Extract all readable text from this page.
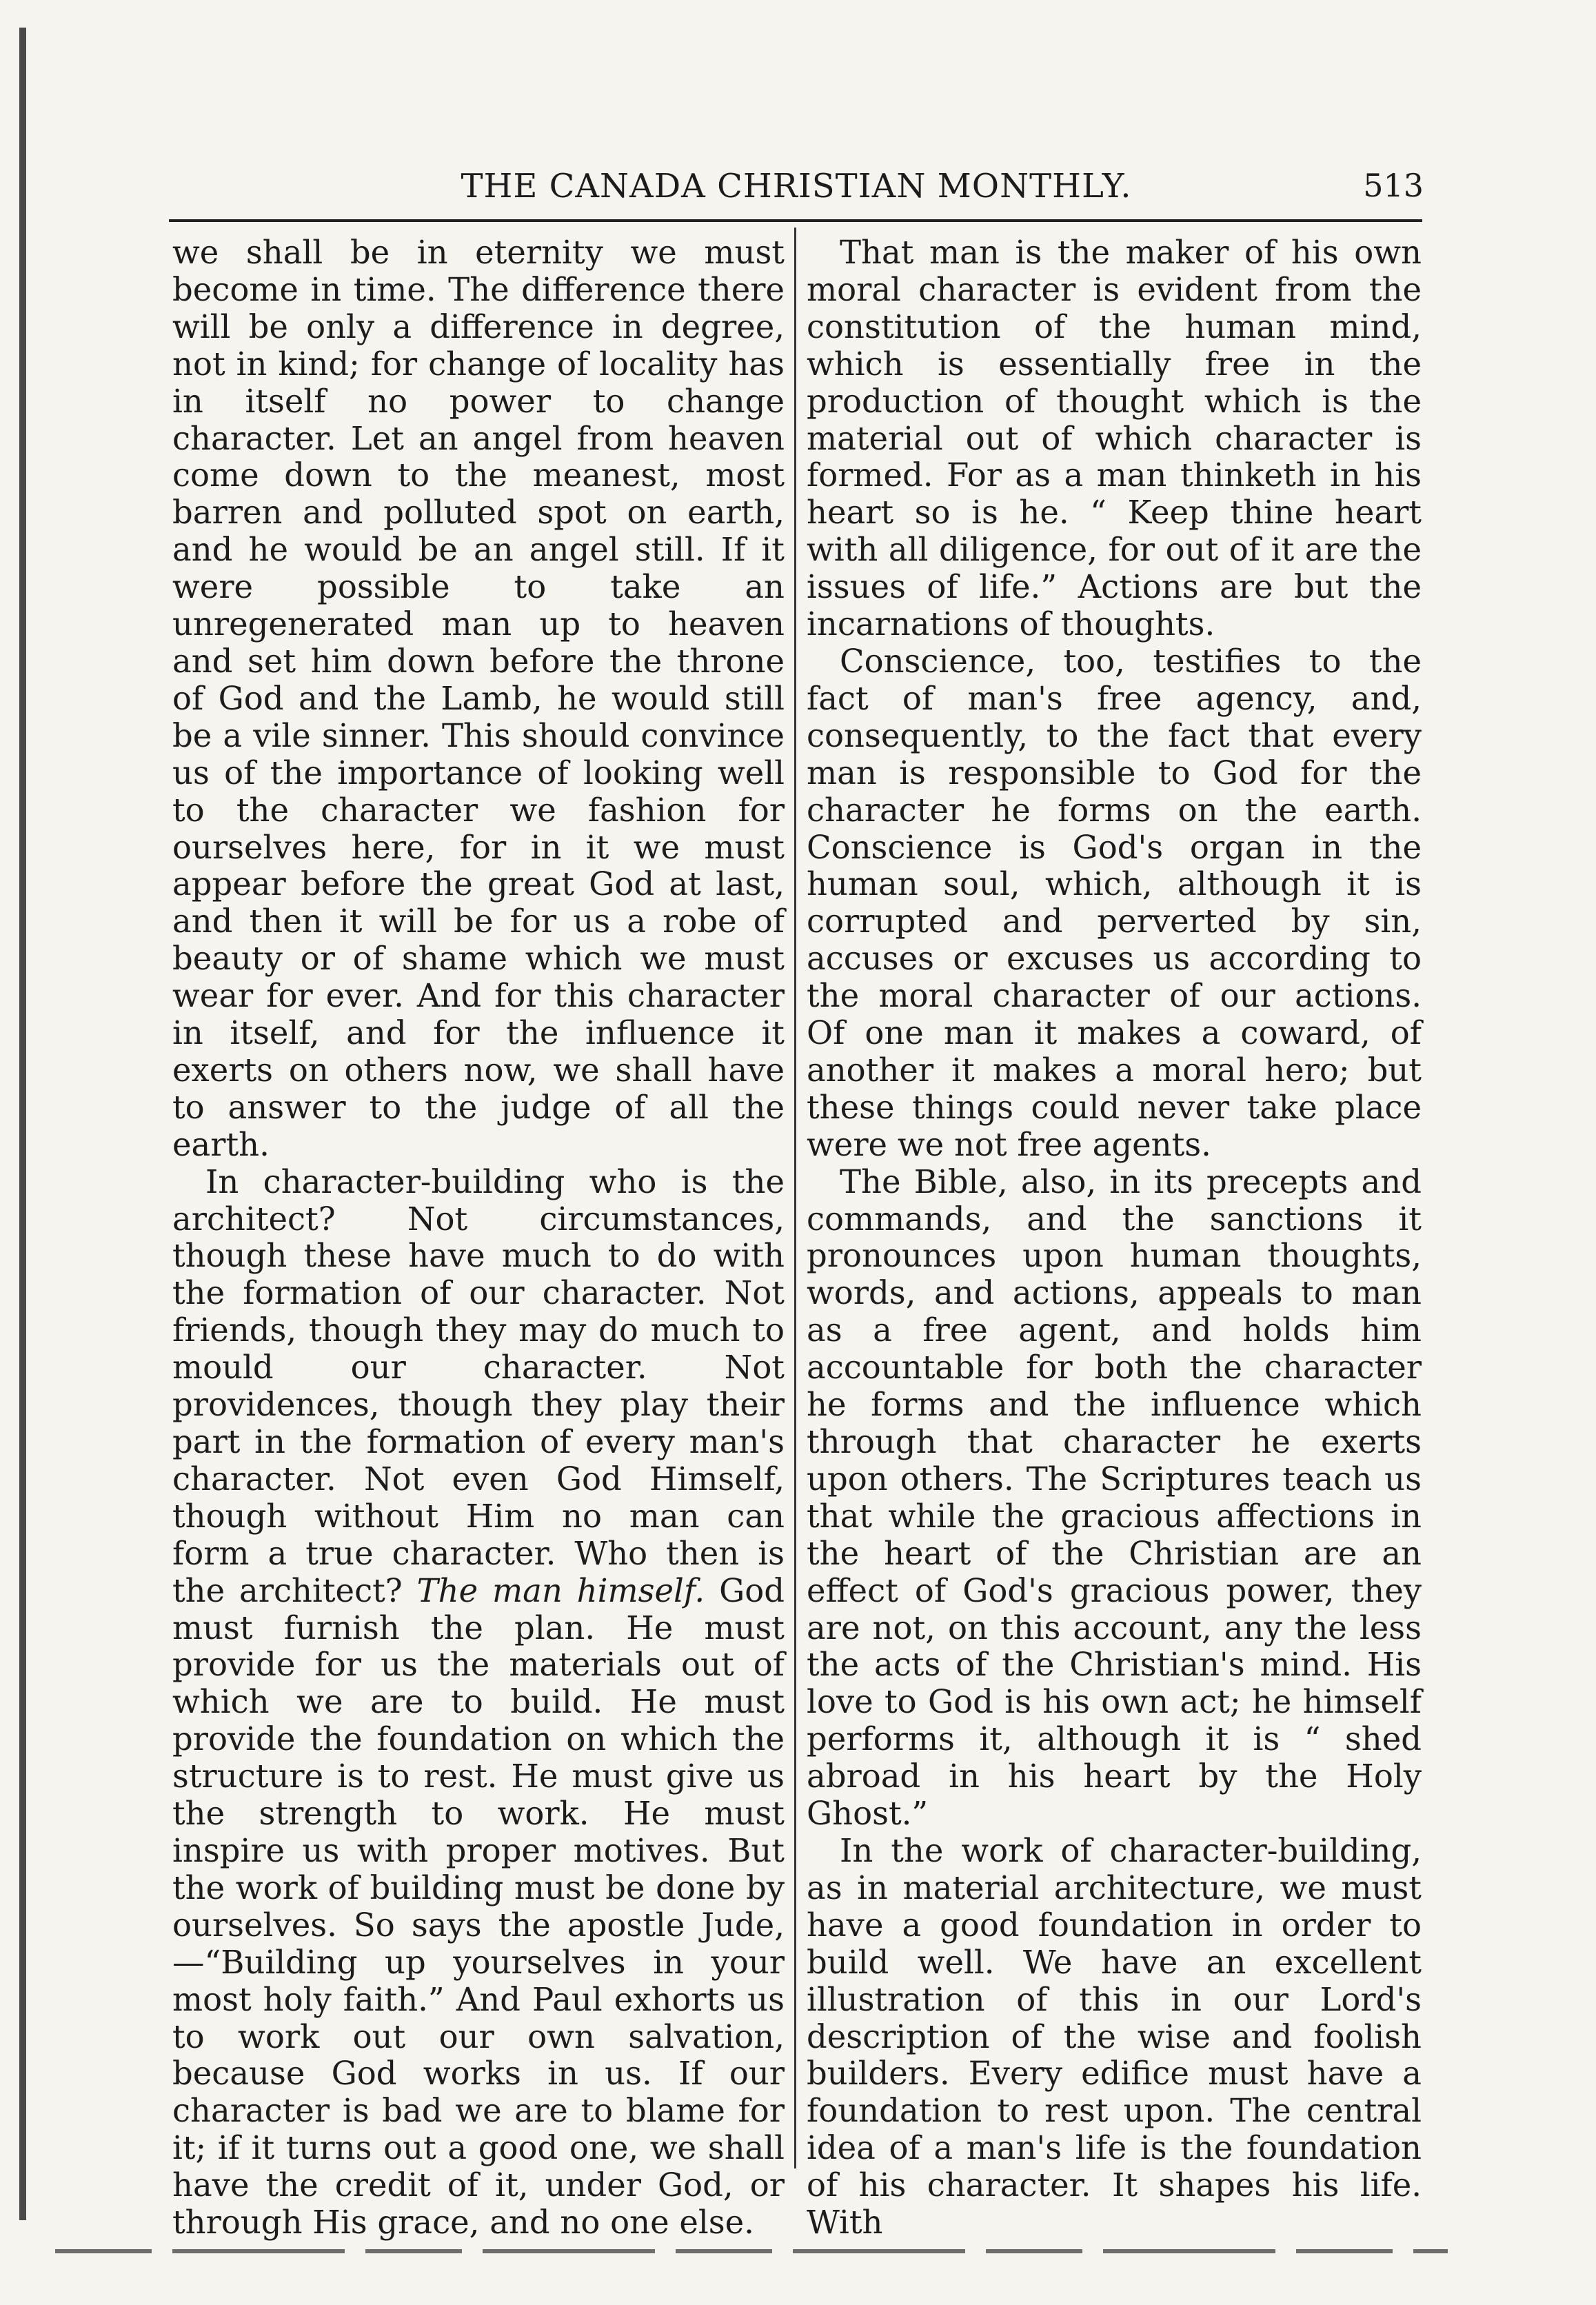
THE CANADA CHRISTIAN MONTHLY.	513

we shall be in eternity we must become in time. The difference there will be only a difference in degree, not in kind; for change of locality has in itself no power to change character. Let an angel from heaven come down to the meanest, most barren and polluted spot on earth, and he would be an angel still. If it were possible to take an unregenerated man up to heaven and set him down before the throne of God and the Lamb, he would still be a vile sinner. This should convince us of the importance of looking well to the character we fashion for ourselves here, for in it we must appear before the great God at last, and then it will be for us a robe of beauty or of shame which we must wear for ever. And for this character in itself, and for the influence it exerts on others now, we shall have to answer to the judge of all the earth.

In character-building who is the architect? Not circumstances, though these have much to do with the formation of our character. Not friends, though they may do much to mould our character. Not providences, though they play their part in the formation of every man's character. Not even God Himself, though without Him no man can form a true character. Who then is the architect? The man himself. God must furnish the plan. He must provide for us the materials out of which we are to build. He must provide the foundation on which the structure is to rest. He must give us the strength to work. He must inspire us with proper motives. But the work of building must be done by ourselves. So says the apostle Jude, —“Building up yourselves in your most holy faith.” And Paul exhorts us to work out our own salvation, because God works in us. If our character is bad we are to blame for it; if it turns out a good one, we shall have the credit of it, under God, or through His grace, and no one else.

That man is the maker of his own moral character is evident from the constitution of the human mind, which is essentially free in the production of thought which is the material out of which character is formed. For as a man thinketh in his heart so is he. “ Keep thine heart with all diligence, for out of it are the issues of life.” Actions are but the incarnations of thoughts.

Conscience, too, testifies to the fact of man's free agency, and, consequently, to the fact that every man is responsible to God for the character he forms on the earth. Conscience is God's organ in the human soul, which, although it is corrupted and perverted by sin, accuses or excuses us according to the moral character of our actions. Of one man it makes a coward, of another it makes a moral hero; but these things could never take place were we not free agents.

The Bible, also, in its precepts and commands, and the sanctions it pronounces upon human thoughts, words, and actions, appeals to man as a free agent, and holds him accountable for both the character he forms and the influence which through that character he exerts upon others. The Scriptures teach us that while the gracious affections in the heart of the Christian are an effect of God's gracious power, they are not, on this account, any the less the acts of the Christian's mind. His love to God is his own act; he himself performs it, although it is “ shed abroad in his heart by the Holy Ghost.”

In the work of character-building, as in material architecture, we must have a good foundation in order to build well. We have an excellent illustration of this in our Lord's description of the wise and foolish builders. Every edifice must have a foundation to rest upon. The central idea of a man's life is the foundation of his character. It shapes his life. With
